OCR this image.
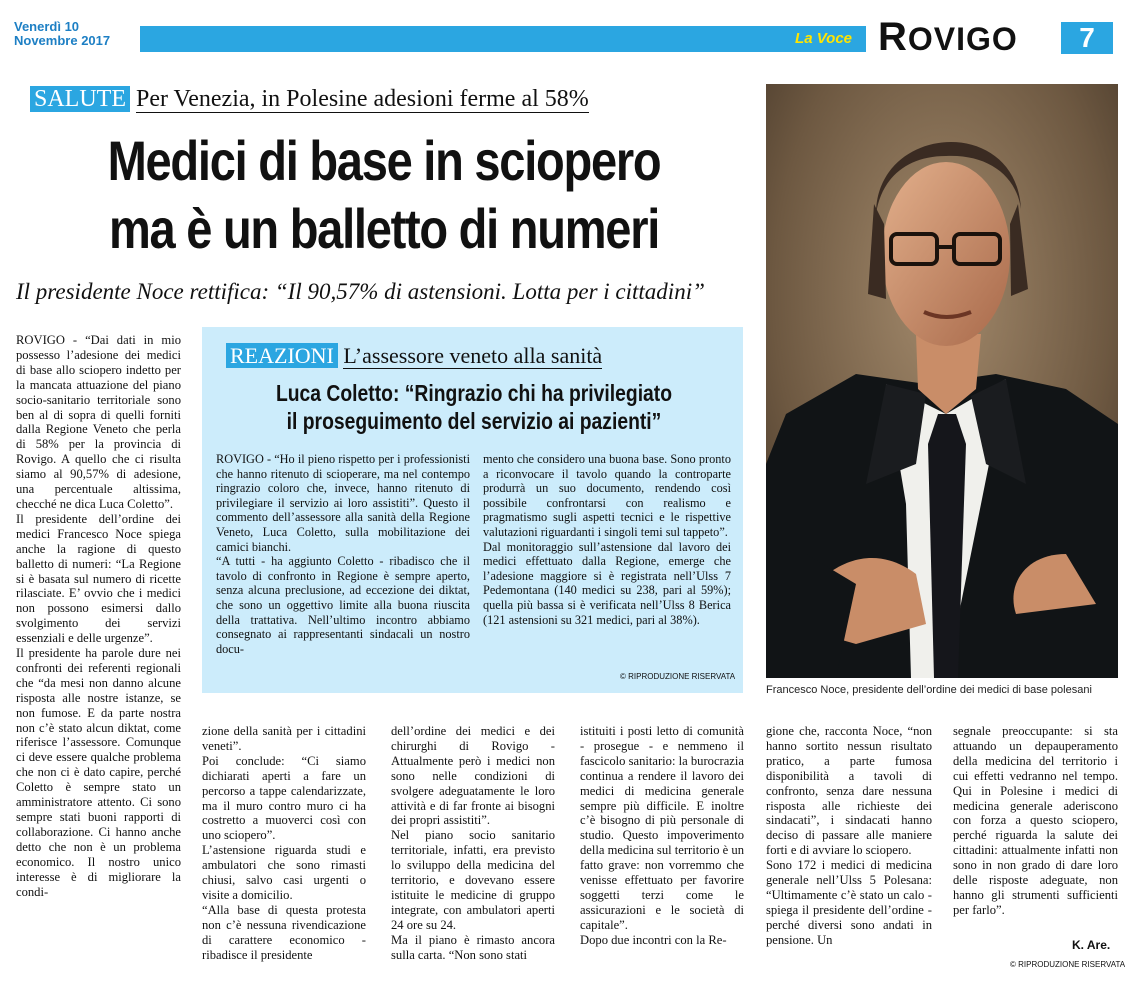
Venerdì 10
Novembre 2017	La Voce ROVIGO	7
SALUTE Per Venezia, in Polesine adesioni ferme al 58%
Medici di base in sciopero
ma è un balletto di numeri
Il presidente Noce rettifica: “Il 90,57% di astensioni. Lotta per i cittadini”
Francesco Noce, presidente dell’ordine dei medici di base polesani

ROVIGO - “Dai dati in mio possesso l’adesione dei medici di base allo sciopero indetto per la mancata attuazione del piano socio-sanitario territoriale sono ben al di sopra di quelli forniti dalla Regione Veneto che perla di 58% per la provincia di Rovigo. A quello che ci risulta siamo al 90,57% di adesione, una percentuale altissima, checché ne dica Luca Coletto”.

Il presidente dell’ordine dei medici Francesco Noce spiega anche la ragione di questo balletto di numeri: “La Regione si è basata sul numero di ricette rilasciate. E’ ovvio che i medici non possono esimersi dallo svolgimento dei servizi essenziali e delle urgenze”.

Il presidente ha parole dure nei confronti dei referenti regionali che “da mesi non danno alcune risposta alle nostre istanze, se non fumose. E da parte nostra non c’è stato alcun diktat, come riferisce l’assessore. Comunque ci deve essere qualche problema che non ci è dato capire, perché Coletto è sempre stato un amministratore attento. Ci sono sempre stati buoni rapporti di collaborazione. Ci hanno anche detto che non è un problema economico. Il nostro unico interesse è di migliorare la condi-

REAZIONI L’assessore veneto alla sanità
Luca Coletto: “Ringrazio chi ha privilegiato
il proseguimento del servizio ai pazienti”

ROVIGO - “Ho il pieno rispetto per i professionisti che hanno ritenuto di scioperare, ma nel contempo ringrazio coloro che, invece, hanno ritenuto di privilegiare il servizio ai loro assistiti”. Questo il commento dell’assessore alla sanità della Regione Veneto, Luca Coletto, sulla mobilitazione dei camici bianchi.

“A tutti - ha aggiunto Coletto - ribadisco che il tavolo di confronto in Regione è sempre aperto, senza alcuna preclusione, ad eccezione dei diktat, che sono un oggettivo limite alla buona riuscita della trattativa. Nell’ultimo incontro abbiamo consegnato ai rappresentanti sindacali un nostro docu-

mento che considero una buona base. Sono pronto a riconvocare il tavolo quando la controparte produrrà un suo documento, rendendo così possibile confrontarsi con realismo e pragmatismo sugli aspetti tecnici e le rispettive valutazioni riguardanti i singoli temi sul tappeto”.

Dal monitoraggio sull’astensione dal lavoro dei medici effettuato dalla Regione, emerge che l’adesione maggiore si è registrata nell’Ulss 7 Pedemontana (140 medici su 238, pari al 59%); quella più bassa si è verificata nell’Ulss 8 Berica (121 astensioni su 321 medici, pari al 38%).

© RIPRODUZIONE RISERVATA

zione della sanità per i cittadini veneti”.

Poi conclude: “Ci siamo dichiarati aperti a fare un percorso a tappe calendarizzate, ma il muro contro muro ci ha costretto a muoverci così con uno sciopero”.

L’astensione riguarda studi e ambulatori che sono rimasti chiusi, salvo casi urgenti o visite a domicilio.

“Alla base di questa protesta non c’è nessuna rivendicazione di carattere economico - ribadisce il presidente

dell’ordine dei medici e dei chirurghi di Rovigo - Attualmente però i medici non sono nelle condizioni di svolgere adeguatamente le loro attività e di far fronte ai bisogni dei propri assistiti”.

Nel piano socio sanitario territoriale, infatti, era previsto lo sviluppo della medicina del territorio, e dovevano essere istituite le medicine di gruppo integrate, con ambulatori aperti 24 ore su 24.

Ma il piano è rimasto ancora sulla carta. “Non sono stati

istituiti i posti letto di comunità - prosegue - e nemmeno il fascicolo sanitario: la burocrazia continua a rendere il lavoro dei medici di medicina generale sempre più difficile. E inoltre c’è bisogno di più personale di studio. Questo impoverimento della medicina sul territorio è un fatto grave: non vorremmo che venisse effettuato per favorire soggetti terzi come le assicurazioni e le società di capitale”.

Dopo due incontri con la Re-

gione che, racconta Noce, “non hanno sortito nessun risultato pratico, a parte fumosa disponibilità a tavoli di confronto, senza dare nessuna risposta alle richieste dei sindacati”, i sindacati hanno deciso di passare alle maniere forti e di avviare lo sciopero.

Sono 172 i medici di medicina generale nell’Ulss 5 Polesana: “Ultimamente c’è stato un calo - spiega il presidente dell’ordine - perché diversi sono andati in pensione. Un

segnale preoccupante: si sta attuando un depauperamento della medicina del territorio i cui effetti vedranno nel tempo. Qui in Polesine i medici di medicina generale aderiscono con forza a questo sciopero, perché riguarda la salute dei cittadini: attualmente infatti non sono in non grado di dare loro delle risposte adeguate, non hanno gli strumenti sufficienti per farlo”.

K. Are.
© RIPRODUZIONE RISERVATA
